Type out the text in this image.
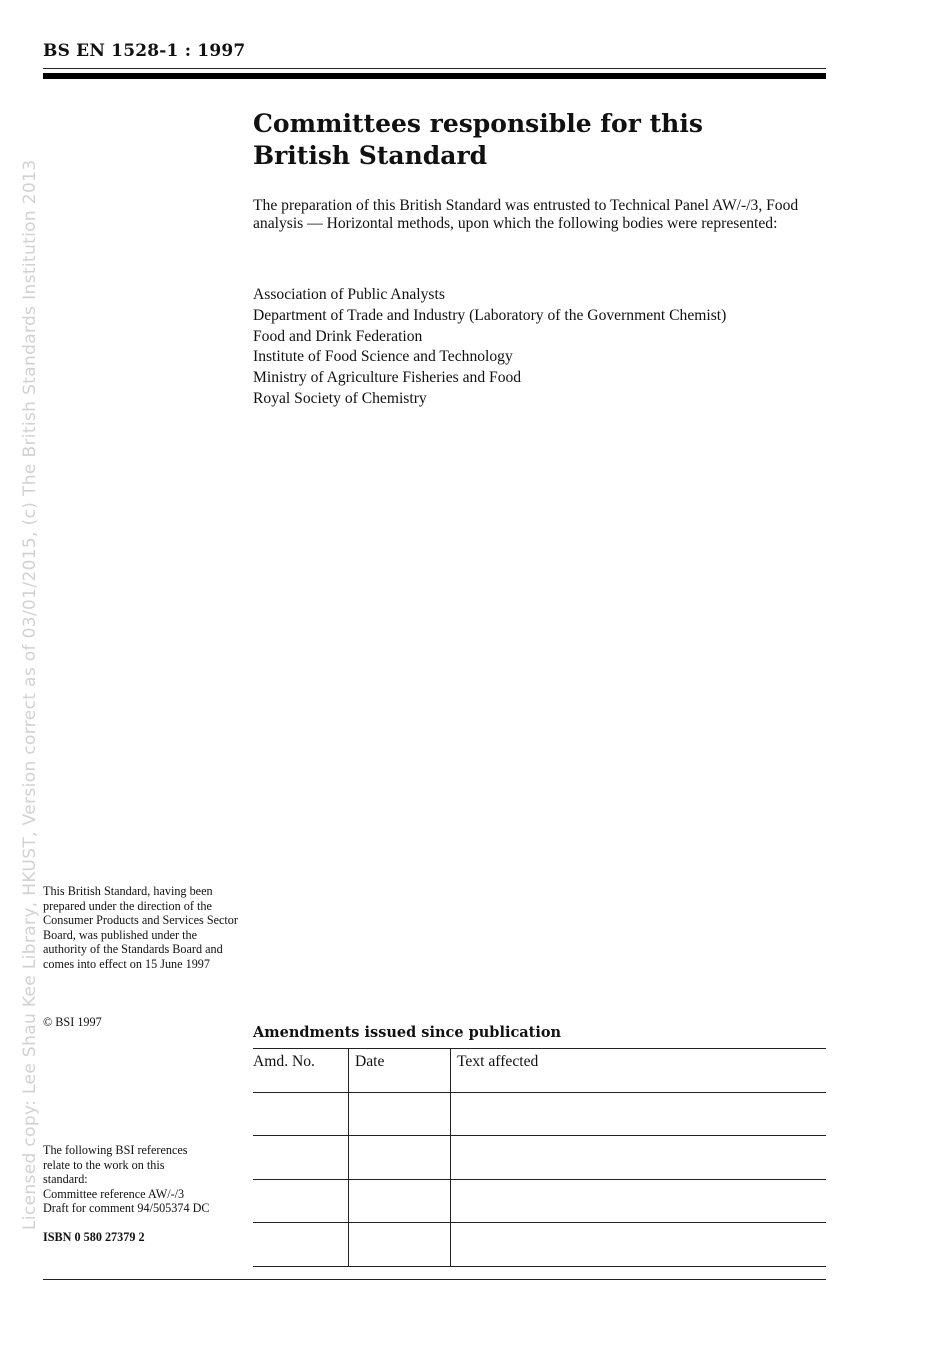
Licensed copy: Lee Shau Kee Library, HKUST, Version correct as of 03/01/2015, (c) The British Standards Institution 2013
BS EN 1528-1 : 1997
Committees responsible for this
British Standard

The preparation of this British Standard was entrusted to Technical Panel AW/-/3, Food analysis — Horizontal methods, upon which the following bodies were represented:

Association of Public Analysts
Department of Trade and Industry (Laboratory of the Government Chemist)
Food and Drink Federation
Institute of Food Science and Technology
Ministry of Agriculture Fisheries and Food
Royal Society of Chemistry

This British Standard, having been prepared under the direction of the Consumer Products and Services Sector Board, was published under the authority of the Standards Board and comes into effect on 15 June 1997

© BSI 1997

The following BSI references
relate to the work on this
standard:
Committee reference AW/-/3
Draft for comment 94/505374 DC

ISBN 0 580 27379 2
Amendments issued since publication
Amd. No.	Date	Text affected
